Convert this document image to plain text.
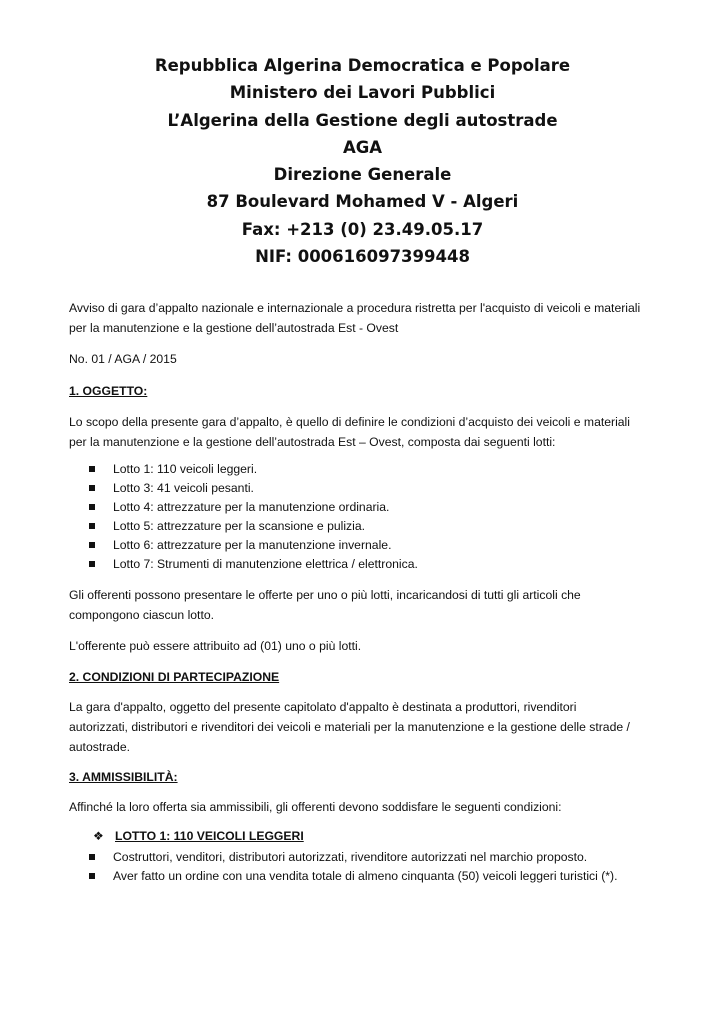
Repubblica Algerina Democratica e Popolare
Ministero dei Lavori Pubblici
L’Algerina della Gestione degli autostrade
AGA
Direzione Generale
87 Boulevard Mohamed V - Algeri
Fax: +213 (0) 23.49.05.17
NIF: 000616097399448
Avviso di gara d’appalto nazionale e internazionale a procedura ristretta per l'acquisto di veicoli e materiali
per la manutenzione e la gestione dell’autostrada Est - Ovest
No. 01 / AGA / 2015
1. OGGETTO:
Lo scopo della presente gara d’appalto, è quello di definire le condizioni d’acquisto dei veicoli e materiali
per la manutenzione e la gestione dell’autostrada Est – Ovest, composta dai seguenti lotti:
Lotto 1: 110 veicoli leggeri.
Lotto 3: 41 veicoli pesanti.
Lotto 4: attrezzature per la manutenzione ordinaria.
Lotto 5: attrezzature per la scansione e pulizia.
Lotto 6: attrezzature per la manutenzione invernale.
Lotto 7: Strumenti di manutenzione elettrica / elettronica.
Gli offerenti possono presentare le offerte per uno o più lotti, incaricandosi di tutti gli articoli che
compongono ciascun lotto.
L'offerente può essere attribuito ad (01) uno o più lotti.
2. CONDIZIONI DI PARTECIPAZIONE
La gara d'appalto, oggetto del presente capitolato d'appalto è destinata a produttori, rivenditori
autorizzati, distributori e rivenditori dei veicoli e materiali per la manutenzione e la gestione delle strade /
autostrade.
3. AMMISSIBILITÀ:
Affinché la loro offerta sia ammissibili, gli offerenti devono soddisfare le seguenti condizioni:
❖ LOTTO 1: 110 VEICOLI LEGGERI
Costruttori, venditori, distributori autorizzati, rivenditore autorizzati nel marchio proposto.
Aver fatto un ordine con una vendita totale di almeno cinquanta (50) veicoli leggeri turistici (*).
